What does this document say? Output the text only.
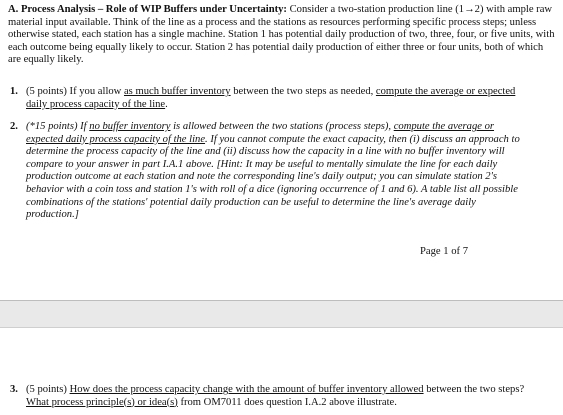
A. Process Analysis – Role of WIP Buffers under Uncertainty: Consider a two-station production line (1→2) with ample raw material input available. Think of the line as a process and the stations as resources performing specific process steps; unless otherwise stated, each station has a single machine. Station 1 has potential daily production of two, three, four, or five units, with each outcome being equally likely to occur. Station 2 has potential daily production of either three or four units, both of which are equally likely.

1. (5 points) If you allow as much buffer inventory between the two steps as needed, compute the average or expected daily process capacity of the line.

2. (*15 points) If no buffer inventory is allowed between the two stations (process steps), compute the average or expected daily process capacity of the line. If you cannot compute the exact capacity, then (i) discuss an approach to determine the process capacity of the line and (ii) discuss how the capacity in a line with no buffer inventory will compare to your answer in part I.A.1 above. [Hint: It may be useful to mentally simulate the line for each daily production outcome at each station and note the corresponding line's daily output; you can simulate station 2's behavior with a coin toss and station 1's with roll of a dice (ignoring occurrence of 1 and 6). A table list all possible combinations of the stations' potential daily production can be useful to determine the line's average daily production.]

Page 1 of 7

3. (5 points) How does the process capacity change with the amount of buffer inventory allowed between the two steps? What process principle(s) or idea(s) from OM7011 does question I.A.2 above illustrate.
